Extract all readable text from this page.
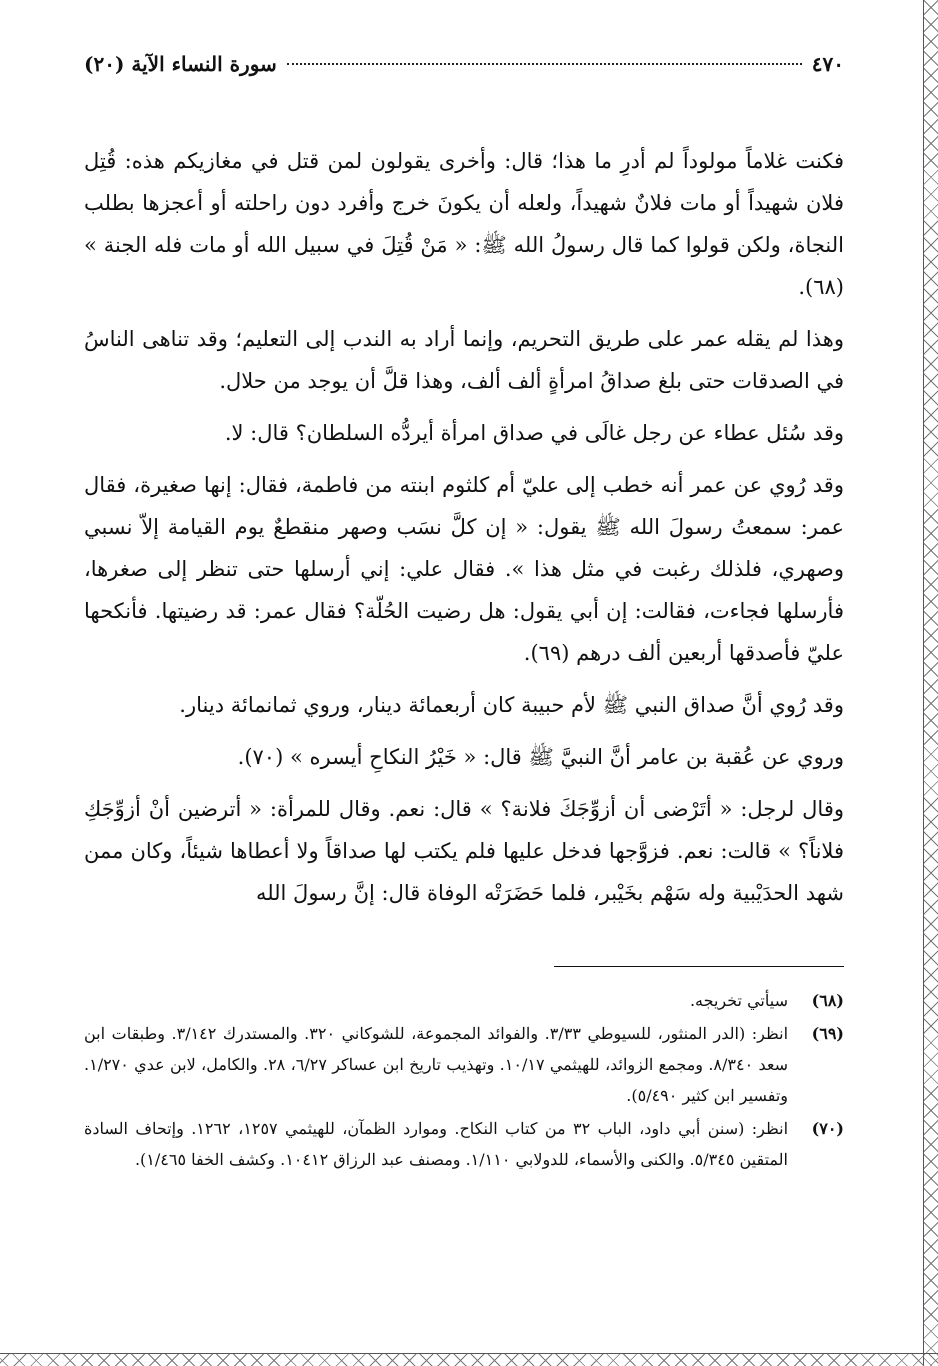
٤٧٠
سورة النساء الآية (٢٠)

فكنت غلاماً مولوداً لم أدرِ ما هذا؛ قال: وأخرى يقولون لمن قتل في مغازيكم هذه: قُتِل فلان شهيداً أو مات فلانٌ شهيداً، ولعله أن يكونَ خرج وأفرد دون راحلته أو أعجزها بطلب النجاة، ولكن قولوا كما قال رسولُ الله ﷺ: « مَنْ قُتِلَ في سبيل الله أو مات فله الجنة » (٦٨).

وهذا لم يقله عمر على طريق التحريم، وإنما أراد به الندب إلى التعليم؛ وقد تناهى الناسُ في الصدقات حتى بلغ صداقُ امرأةٍ ألف ألف، وهذا قلَّ أن يوجد من حلال.

وقد سُئل عطاء عن رجل غالَى في صداق امرأة أيردُّه السلطان؟ قال: لا.

وقد رُوي عن عمر أنه خطب إلى عليّ أم كلثوم ابنته من فاطمة، فقال: إنها صغيرة، فقال عمر: سمعتُ رسولَ الله ﷺ يقول: « إن كلَّ نسَب وصهر منقطعٌ يوم القيامة إلاّ نسبي وصهري، فلذلك رغبت في مثل هذا ». فقال علي: إني أرسلها حتى تنظر إلى صغرها، فأرسلها فجاءت، فقالت: إن أبي يقول: هل رضيت الحُلّة؟ فقال عمر: قد رضيتها. فأنكحها عليّ فأصدقها أربعين ألف درهم (٦٩).

وقد رُوي أنَّ صداق النبي ﷺ لأم حبيبة كان أربعمائة دينار، وروي ثمانمائة دينار.

وروي عن عُقبة بن عامر أنَّ النبيَّ ﷺ قال: « خَيْرُ النكاحِ أيسره » (٧٠).

وقال لرجل: « أتَرْضى أن أزوِّجَكَ فلانة؟ » قال: نعم. وقال للمرأة: « أترضين أنْ أزوِّجَكِ فلاناً؟ » قالت: نعم. فزوَّجها فدخل عليها فلم يكتب لها صداقاً ولا أعطاها شيئاً، وكان ممن شهد الحدَيْبية وله سَهْم بخَيْبر، فلما حَضَرَتْه الوفاة قال: إنَّ رسولَ الله

(٦٨)
سيأتي تخريجه.
(٦٩)
انظر: (الدر المنثور، للسيوطي ٣/٣٣. والفوائد المجموعة، للشوكاني ٣٢٠. والمستدرك ٣/١٤٢. وطبقات ابن سعد ٨/٣٤٠. ومجمع الزوائد، للهيثمي ١٠/١٧. وتهذيب تاريخ ابن عساكر ٦/٢٧، ٢٨. والكامل، لابن عدي ١/٢٧٠. وتفسير ابن كثير ٥/٤٩٠).
(٧٠)
انظر: (سنن أبي داود، الباب ٣٢ من كتاب النكاح. وموارد الظمآن، للهيثمي ١٢٥٧، ١٢٦٢. وإتحاف السادة المتقين ٥/٣٤٥. والكنى والأسماء، للدولابي ١/١١٠. ومصنف عبد الرزاق ١٠٤١٢. وكشف الخفا ١/٤٦٥).
